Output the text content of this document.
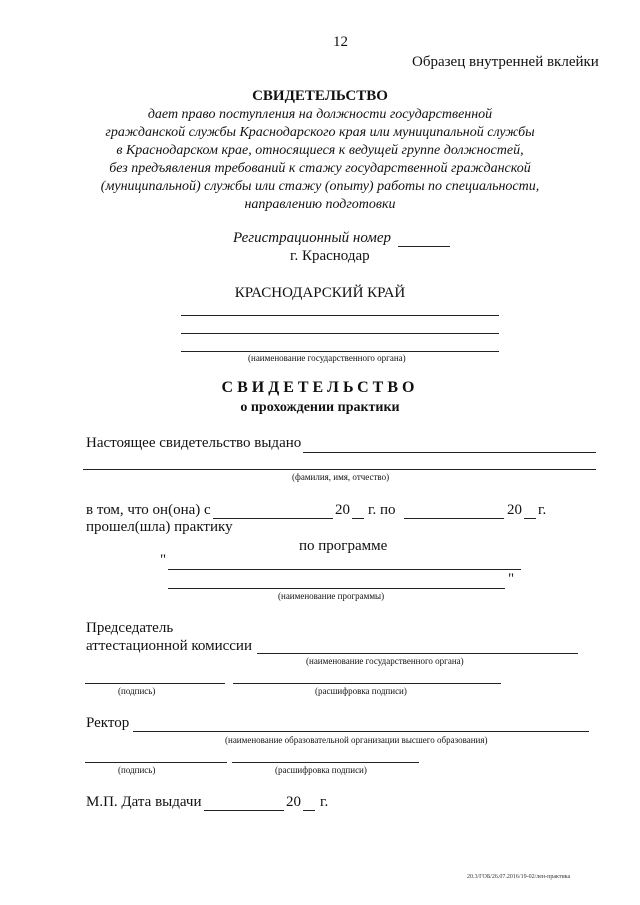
12
Образец внутренней вклейки
СВИДЕТЕЛЬСТВО
дает право поступления на должности государственной
гражданской службы Краснодарского края или муниципальной службы
в Краснодарском крае, относящиеся к ведущей группе должностей,
без предъявления требований к стажу государственной гражданской
(муниципальной) службы или стажу (опыту) работы по специальности,
направлению подготовки
Регистрационный номер
г. Краснодар
КРАСНОДАРСКИЙ КРАЙ
(наименование государственного органа)
СВИДЕТЕЛЬСТВО
о прохождении практики
Настоящее свидетельство выдано
(фамилия, имя, отчество)
в том, что он(она) с	20 г. по	20 г.
прошел(шла) практику
по программе
"
"
(наименование программы)
Председатель
аттестационной комиссии
(наименование государственного органа)
(подпись)	(расшифровка подписи)
Ректор
(наименование образовательной организации высшего образования)
(подпись)	(расшифровка подписи)
М.П. Дата выдачи	20 г.
20.3/ГОБ/26.07.2016/19-02/лен-практика
